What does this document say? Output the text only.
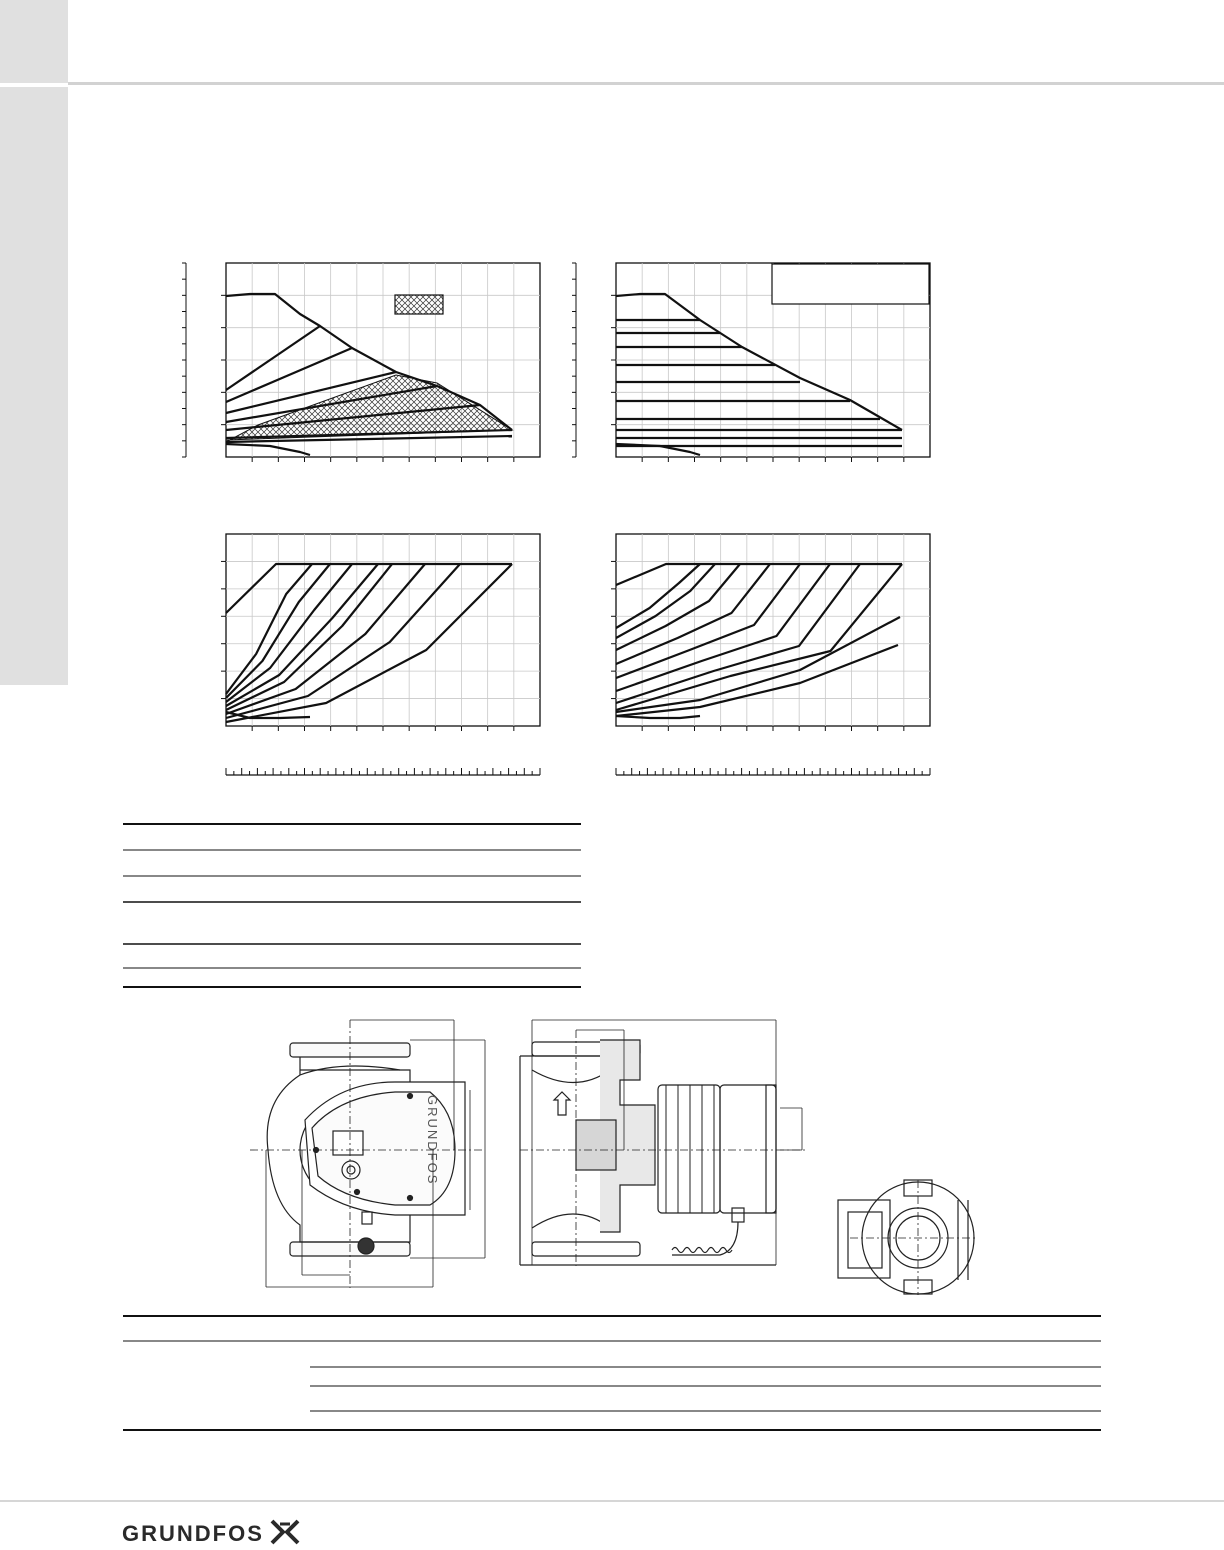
GRUNDFOS
GRUNDFOS
